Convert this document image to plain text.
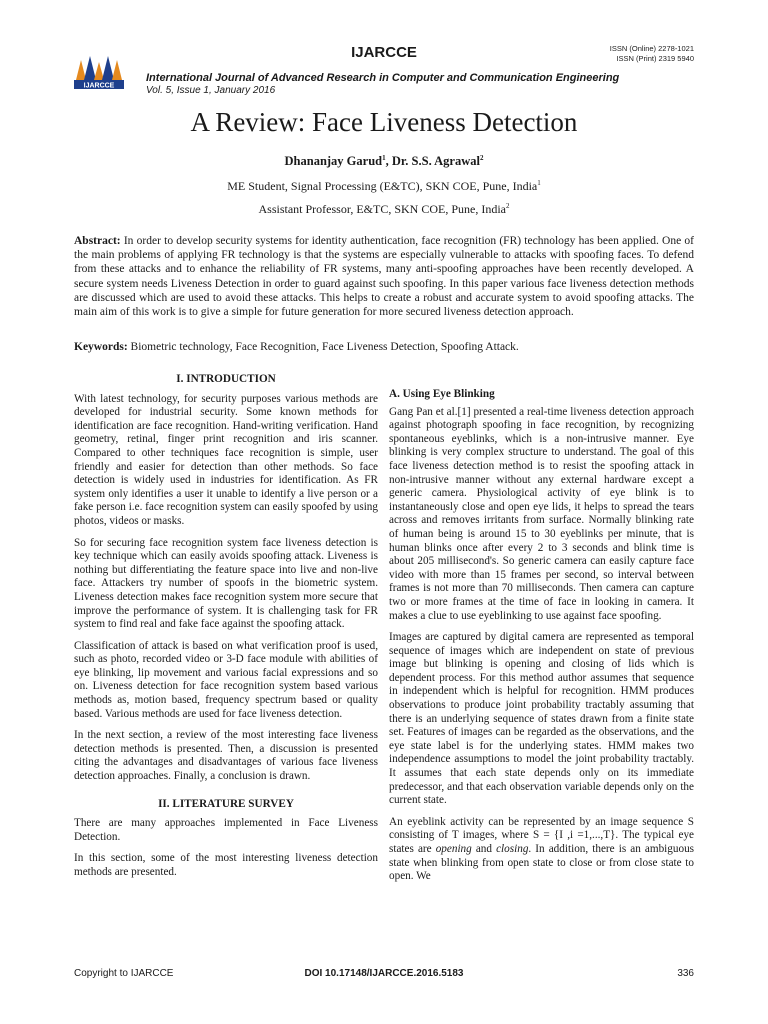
IJARCCE	ISSN (Online) 2278-1021
ISSN (Print) 2319 5940
IJARCCE
International Journal of Advanced Research in Computer and Communication Engineering
Vol. 5, Issue 1, January 2016
A Review: Face Liveness Detection
Dhananjay Garud$^1$, Dr. S.S. Agrawal$^2$
ME Student, Signal Processing (E&TC), SKN COE, Pune, India$^1$
Assistant Professor, E&TC, SKN COE, Pune, India$^2$
Abstract: In order to develop security systems for identity authentication, face recognition (FR) technology has been applied. One of the main problems of applying FR technology is that the systems are especially vulnerable to attacks with spoofing faces. To defend from these attacks and to enhance the reliability of FR systems, many anti-spoofing approaches have been recently developed. A secure system needs Liveness Detection in order to guard against such spoofing. In this paper various face liveness detection methods are discussed which are used to avoid these attacks. This helps to create a robust and accurate system to avoid spoofing attacks. The main aim of this work is to give a simple for future generation for more secured liveness detection approach.
Keywords: Biometric technology, Face Recognition, Face Liveness Detection, Spoofing Attack.
I. INTRODUCTION

With latest technology, for security purposes various methods are developed for industrial security. Some known methods for identification are face recognition. Hand-writing verification. Hand geometry, retinal, finger print recognition and iris scanner. Compared to other techniques face recognition is simple, user friendly and easier for detection than other methods. So face detection is widely used in industries for identification. As FR system only identifies a user it unable to identify a live person or a fake person i.e. face recognition system can easily spoofed by using photos, videos or masks.

So for securing face recognition system face liveness detection is key technique which can easily avoids spoofing attack. Liveness is nothing but differentiating the feature space into live and non-live face. Attackers try number of spoofs in the biometric system. Liveness detection makes face recognition system more secure that improve the performance of system. It is challenging task for FR system to find real and fake face against the spoofing attack.

Classification of attack is based on what verification proof is used, such as photo, recorded video or 3-D face module with abilities of eye blinking, lip movement and various facial expressions and so on. Liveness detection for face recognition system based various methods as, motion based, frequency spectrum based or quality based. Various methods are used for face liveness detection.

In the next section, a review of the most interesting face liveness detection methods is presented. Then, a discussion is presented citing the advantages and disadvantages of various face liveness detection approaches. Finally, a conclusion is drawn.

II. LITERATURE SURVEY

There are many approaches implemented in Face Liveness Detection.

In this section, some of the most interesting liveness detection methods are presented.

A. Using Eye Blinking

Gang Pan et al.[1] presented a real-time liveness detection approach against photograph spoofing in face recognition, by recognizing spontaneous eyeblinks, which is a non-intrusive manner. Eye blinking is very complex structure to understand. The goal of this face liveness detection method is to resist the spoofing attack in non-intrusive manner without any external hardware except a generic camera. Physiological activity of eye blink is to instantaneously close and open eye lids, it helps to spread the tears across and removes irritants from surface. Normally blinking rate of human being is around 15 to 30 eyeblinks per minute, that is human blinks once after every 2 to 3 seconds and blink time is about 205 millisecond's. So generic camera can easily capture face video with more than 15 frames per second, so interval between frames is not more than 70 milliseconds. Then camera can capture two or more frames at the time of face in looking in camera. It makes a clue to use eyeblinking to use against face spoofing.

Images are captured by digital camera are represented as temporal sequence of images which are independent on state of previous image but blinking is opening and closing of lids which is dependent process. For this method author assumes that sequence in independent which is helpful for recognition. HMM produces observations to produce joint probability tractably assuming that there is an underlying sequence of states drawn from a finite state set. Features of images can be regarded as the observations, and the eye state label is for the underlying states. HMM makes two independence assumptions to model the joint probability tractably. It assumes that each state depends only on its immediate predecessor, and that each observation variable depends only on the current state.

An eyeblink activity can be represented by an image sequence S consisting of T images, where S = {I ,i =1,...,T}. The typical eye states are opening and closing. In addition, there is an ambiguous state when blinking from open state to close or from close state to open. We

Copyright to IJARCCE	DOI 10.17148/IJARCCE.2016.5183	336
